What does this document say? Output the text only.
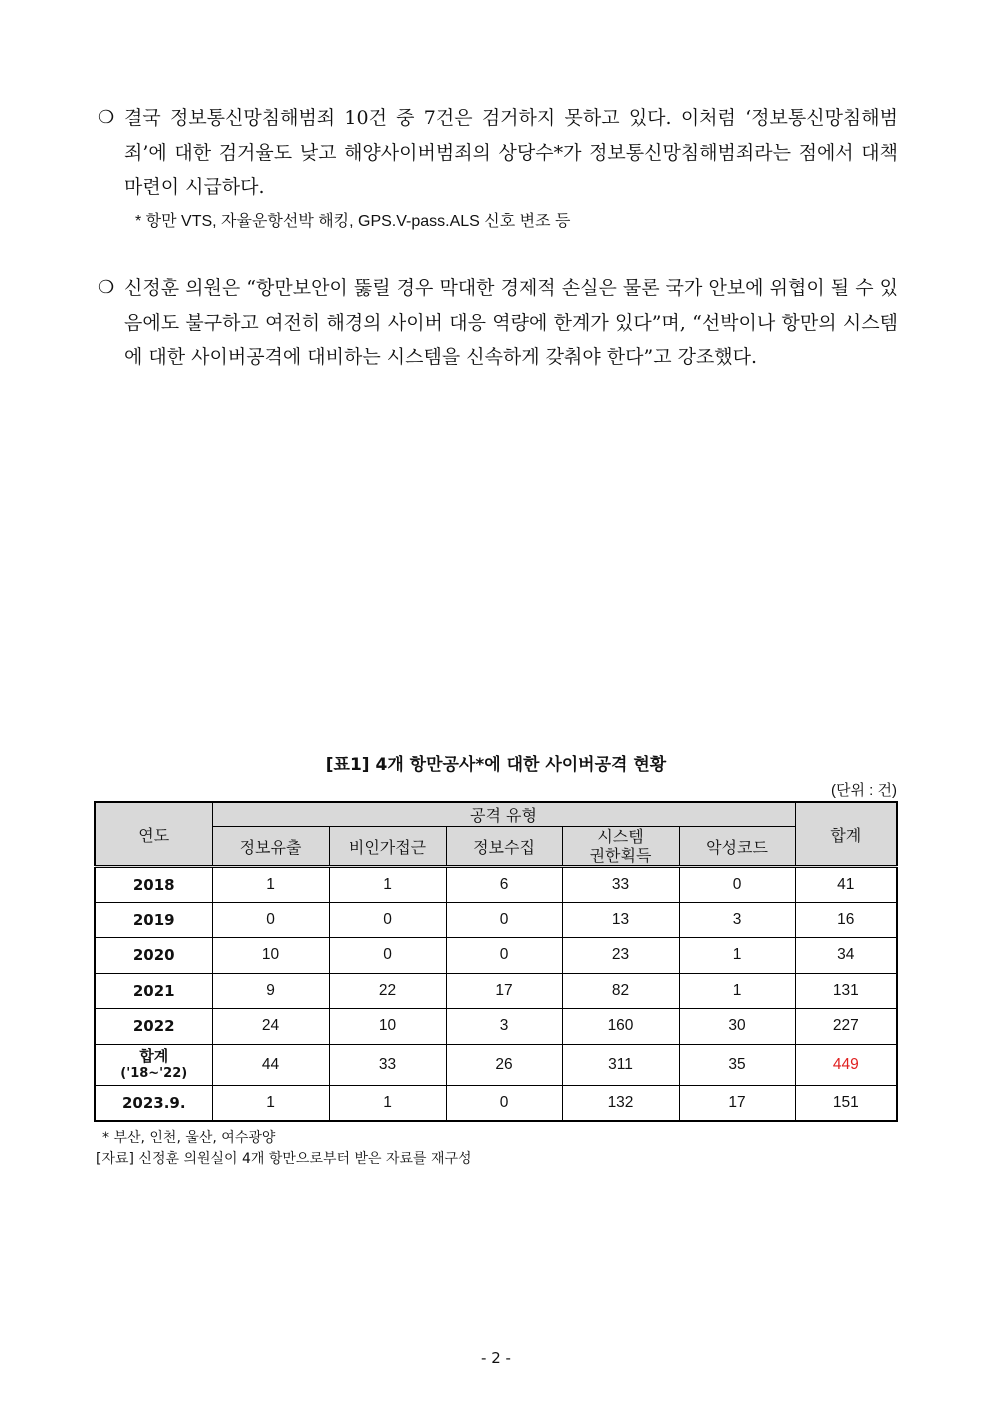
❍ 결국 정보통신망침해범죄 10건 중 7건은 검거하지 못하고 있다. 이처럼 ‘정보통신망침해범죄’에 대한 검거율도 낮고 해양사이버범죄의 상당수*가 정보통신망침해범죄라는 점에서 대책 마련이 시급하다.
* 항만 VTS, 자율운항선박 해킹, GPS.V-pass.ALS 신호 변조 등
❍ 신정훈 의원은 “항만보안이 뚫릴 경우 막대한 경제적 손실은 물론 국가 안보에 위협이 될 수 있음에도 불구하고 여전히 해경의 사이버 대응 역량에 한계가 있다”며, “선박이나 항만의 시스템에 대한 사이버공격에 대비하는 시스템을 신속하게 갖춰야 한다”고 강조했다.
[표1] 4개 항만공사*에 대한 사이버공격 현황
(단위 : 건)
연도	공격 유형					합계
	정보유출	비인가접근	정보수집	시스템
권한획득	악성코드	
2018	1	1	6	33	0	41
2019	0	0	0	13	3	16
2020	10	0	0	23	1	34
2021	9	22	17	82	1	131
2022	24	10	3	160	30	227
합계
('18~'22)	44	33	26	311	35	449
2023.9.	1	1	0	132	17	151
* 부산, 인천, 울산, 여수광양
[자료] 신정훈 의원실이 4개 항만으로부터 받은 자료를 재구성
- 2 -
